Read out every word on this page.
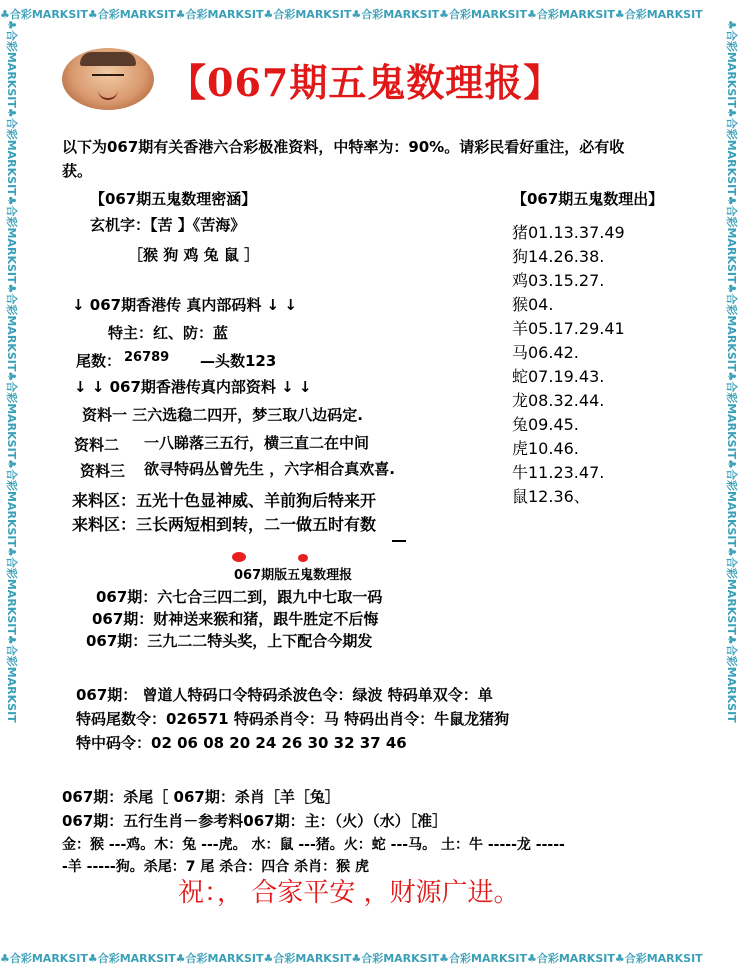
♣合彩MARKSIT♣合彩MARKSIT♣合彩MARKSIT♣合彩MARKSIT♣合彩MARKSIT♣合彩MARKSIT♣合彩MARKSIT♣合彩MARKSIT
♣合彩MARKSIT♣合彩MARKSIT♣合彩MARKSIT♣合彩MARKSIT♣合彩MARKSIT♣合彩MARKSIT♣合彩MARKSIT♣合彩MARKSIT
♣合彩MARKSIT♣合彩MARKSIT♣合彩MARKSIT♣合彩MARKSIT♣合彩MARKSIT♣合彩MARKSIT♣合彩MARKSIT♣合彩MARKSIT	♣合彩MARKSIT♣合彩MARKSIT♣合彩MARKSIT♣合彩MARKSIT♣合彩MARKSIT♣合彩MARKSIT♣合彩MARKSIT♣合彩MARKSIT
【067期五鬼数理报】
以下为067期有关香港六合彩极准资料，中特率为：90%。请彩民看好重注，必有收
获。
【067期五鬼数理密涵】
玄机字：【苦 】《苦海》
［猴 狗 鸡 兔 鼠 ］
↓ 067期香港传 真内部码料 ↓ ↓
特主：红、防：蓝
尾数： 26789 —头数123
↓ ↓ 067期香港传真内部资料 ↓ ↓
资料一 三六选稳二四开，梦三取八边码定.
资料二 一八睇落三五行，横三直二在中间
资料三 欲寻特码丛曾先生 ，六字相合真欢喜.
来料区：五光十色显神威、羊前狗后特来开
来料区：三长两短相到转，二一做五时有数
【067期五鬼数理出】
猪01.13.37.49
狗14.26.38.
鸡03.15.27.
猴04.
羊05.17.29.41
马06.42.
蛇07.19.43.
龙08.32.44.
兔09.45.
虎10.46.
牛11.23.47.
鼠12.36、
067期版五鬼数理报
067期：六七合三四二到，跟九中七取一码
067期：财神送来猴和猪，跟牛胜定不后悔
067期：三九二二特头奖，上下配合今期发
067期： 曾道人特码口令特码杀波色令：绿波 特码单双令：单
特码尾数令：026571 特码杀肖令：马 特码出肖令：牛鼠龙猪狗
特中码令：02 06 08 20 24 26 30 32 37 46
067期：杀尾［ 067期：杀肖［羊［兔］
067期：五行生肖－参考料067期：主：（火）（水）［准］
金：猴 ---鸡。木：兔 ---虎。 水：鼠 ---猪。火：蛇 ---马。 土：牛 -----龙 -----
-羊 -----狗。杀尾：7 尾 杀合：四合 杀肖：猴 虎
祝：， 合家平安 ，财源广进。
